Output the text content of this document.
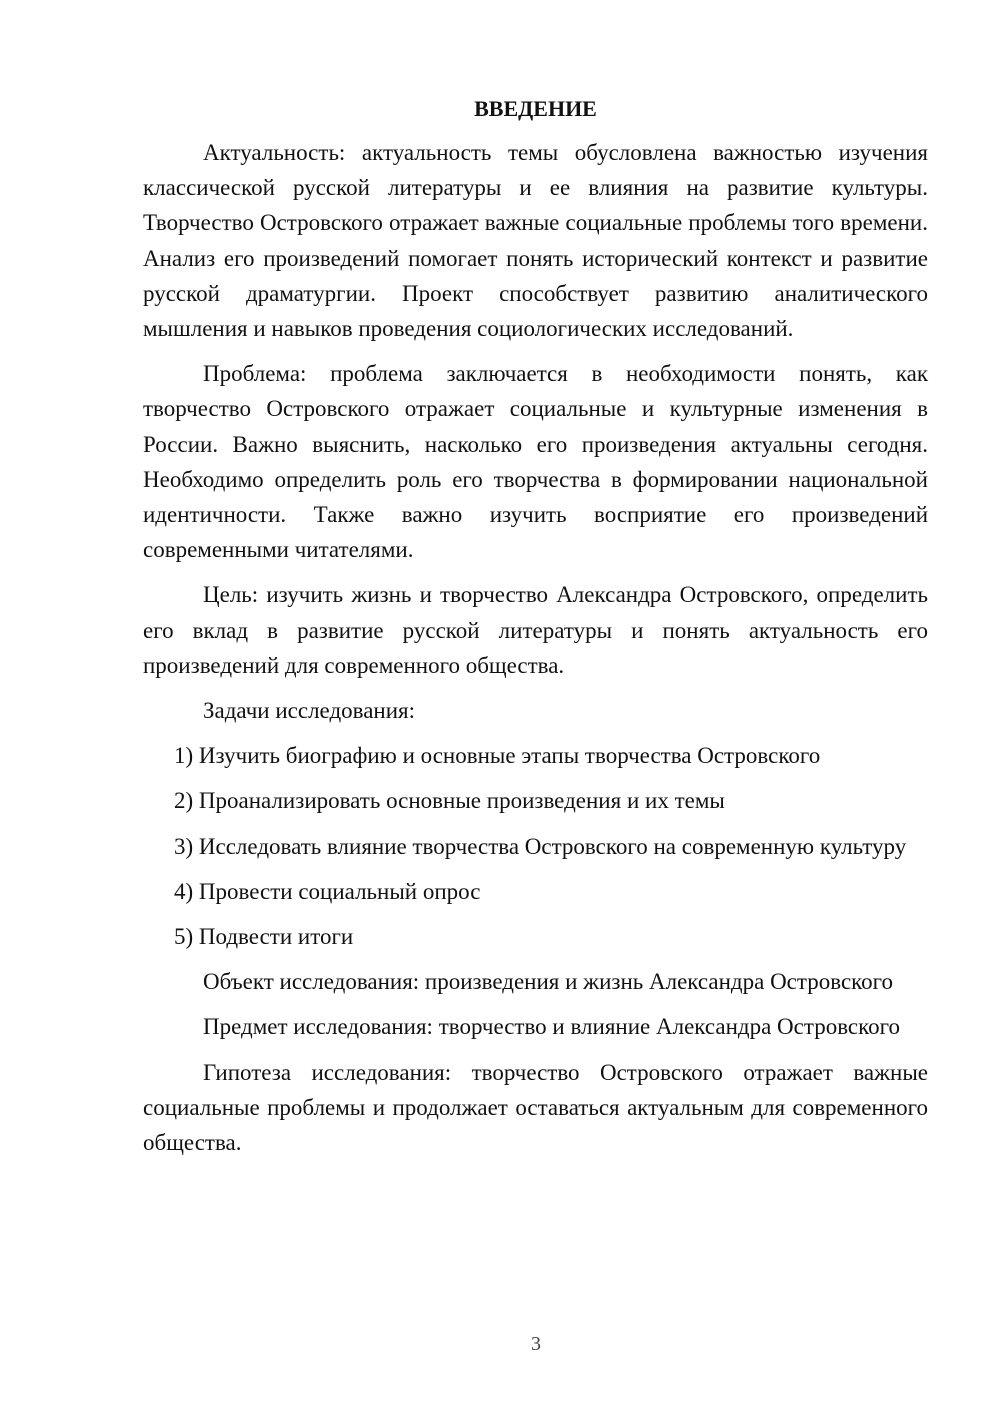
ВВЕДЕНИЕ

Актуальность: актуальность темы обусловлена важностью изучения классической русской литературы и ее влияния на развитие культуры. Творчество Островского отражает важные социальные проблемы того времени. Анализ его произведений помогает понять исторический контекст и развитие русской драматургии. Проект способствует развитию аналитического мышления и навыков проведения социологических исследований.

Проблема: проблема заключается в необходимости понять, как творчество Островского отражает социальные и культурные изменения в России. Важно выяснить, насколько его произведения актуальны сегодня. Необходимо определить роль его творчества в формировании национальной идентичности. Также важно изучить восприятие его произведений современными читателями.

Цель: изучить жизнь и творчество Александра Островского, определить его вклад в развитие русской литературы и понять актуальность его произведений для современного общества.

Задачи исследования:

1) Изучить биографию и основные этапы творчества Островского

2) Проанализировать основные произведения и их темы

3) Исследовать влияние творчества Островского на современную культуру

4) Провести социальный опрос

5) Подвести итоги

Объект исследования: произведения и жизнь Александра Островского

Предмет исследования: творчество и влияние Александра Островского

Гипотеза исследования: творчество Островского отражает важные социальные проблемы и продолжает оставаться актуальным для современного общества.

3
